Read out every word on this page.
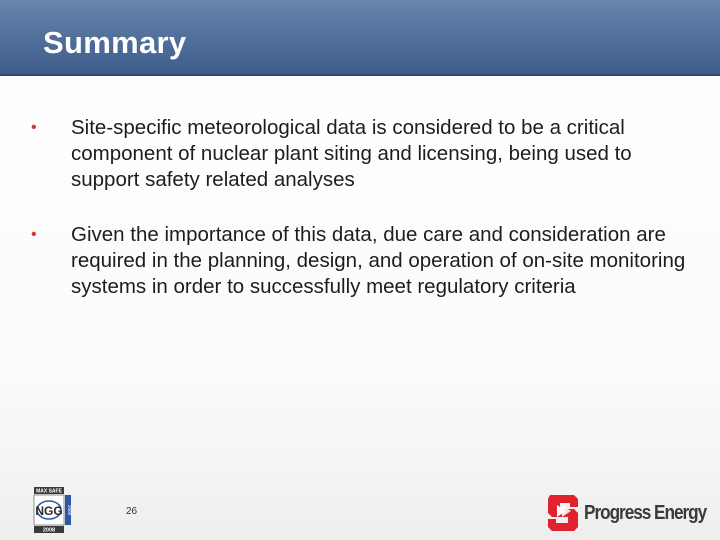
Summary
• Site-specific meteorological data is considered to be a critical component of nuclear plant siting and licensing, being used to support safety related analyses
• Given the importance of this data, due care and consideration are required in the planning, design, and operation of on-site monitoring systems in order to successfully meet regulatory criteria
MAX SAFE
NGG
2008
2008	26	Progress Energy
